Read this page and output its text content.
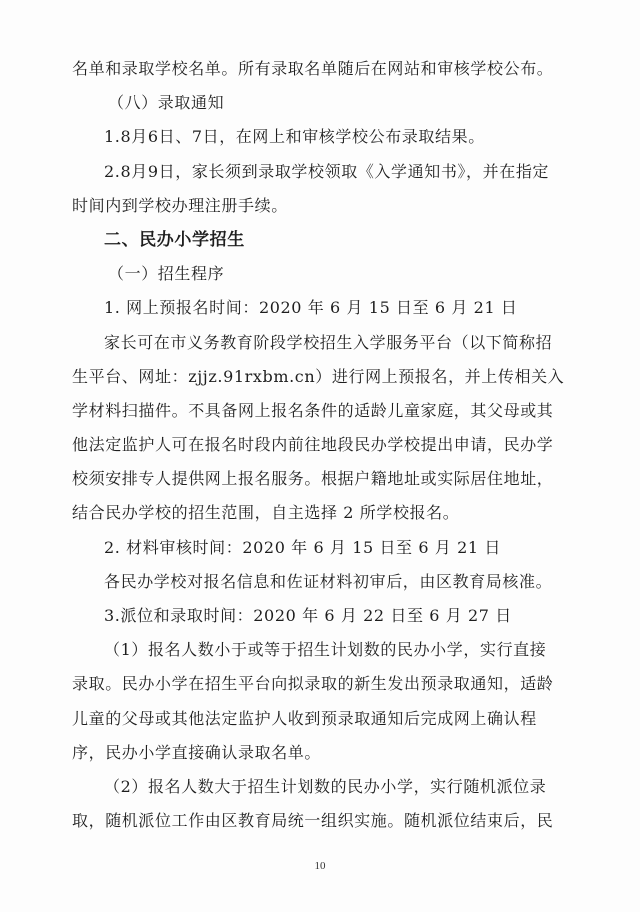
名单和录取学校名单。所有录取名单随后在网站和审核学校公布。
（八）录取通知
1.8月6日、7日，在网上和审核学校公布录取结果。
2.8月9日，家长须到录取学校领取《入学通知书》，并在指定
时间内到学校办理注册手续。
二、民办小学招生
（一）招生程序
1. 网上预报名时间：2020 年 6 月 15 日至 6 月 21 日
家长可在市义务教育阶段学校招生入学服务平台（以下简称招
生平台、网址：zjjz.91rxbm.cn）进行网上预报名，并上传相关入
学材料扫描件。不具备网上报名条件的适龄儿童家庭，其父母或其
他法定监护人可在报名时段内前往地段民办学校提出申请，民办学
校须安排专人提供网上报名服务。根据户籍地址或实际居住地址，
结合民办学校的招生范围，自主选择 2 所学校报名。
2. 材料审核时间：2020 年 6 月 15 日至 6 月 21 日
各民办学校对报名信息和佐证材料初审后，由区教育局核准。
3.派位和录取时间：2020 年 6 月 22 日至 6 月 27 日
（1）报名人数小于或等于招生计划数的民办小学，实行直接
录取。民办小学在招生平台向拟录取的新生发出预录取通知，适龄
儿童的父母或其他法定监护人收到预录取通知后完成网上确认程
序，民办小学直接确认录取名单。
（2）报名人数大于招生计划数的民办小学，实行随机派位录
取，随机派位工作由区教育局统一组织实施。随机派位结束后，民
10
